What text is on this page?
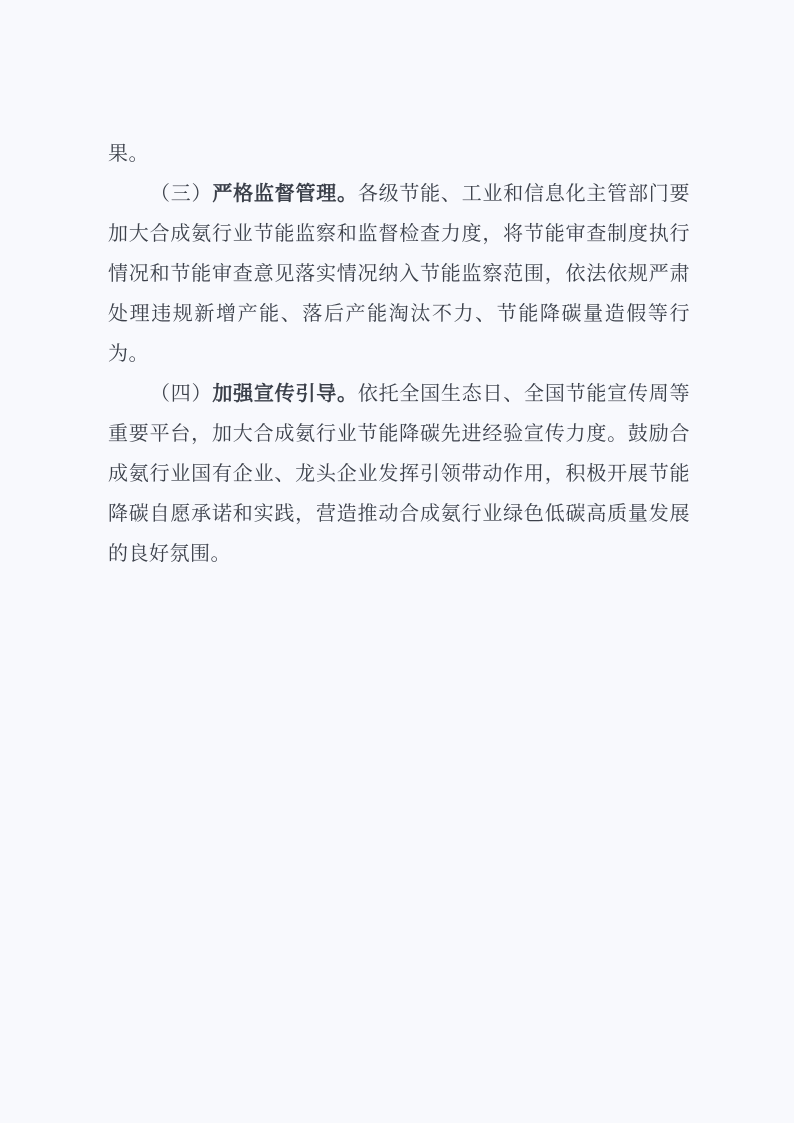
果。
（三）严格监督管理。各级节能、工业和信息化主管部门要
加大合成氨行业节能监察和监督检查力度，将节能审查制度执行
情况和节能审查意见落实情况纳入节能监察范围，依法依规严肃
处理违规新增产能、落后产能淘汰不力、节能降碳量造假等行
为。
（四）加强宣传引导。依托全国生态日、全国节能宣传周等
重要平台，加大合成氨行业节能降碳先进经验宣传力度。鼓励合
成氨行业国有企业、龙头企业发挥引领带动作用，积极开展节能
降碳自愿承诺和实践，营造推动合成氨行业绿色低碳高质量发展
的良好氛围。
